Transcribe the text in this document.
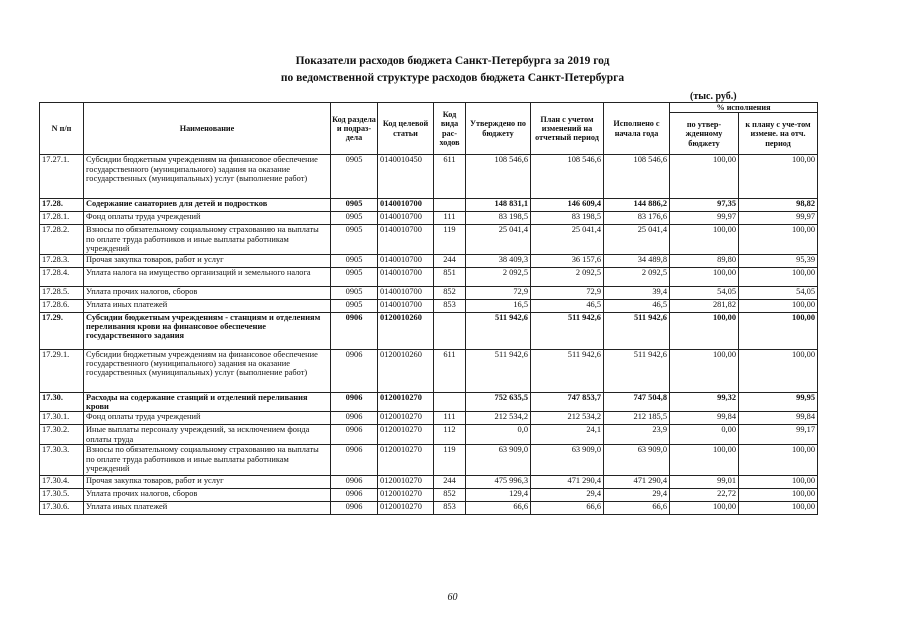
Показатели расходов бюджета Санкт-Петербурга за 2019 год
по ведомственной структуре расходов бюджета Санкт-Петербурга
(тыс. руб.)
N п/п	Наименование	Код раздела и подраз-дела	Код целевой статьи	Код вида рас-ходов	Утверждено по бюджету	План с учетом изменений на отчетный период	Исполнено с начала года	% исполнения	
								по утвер-жденному бюджету	к плану с уче-том измене. на отч. период
17.27.1.	Субсидии бюджетным учреждениям на финансовое обеспечение государственного (муниципального) задания на оказание государственных (муниципальных) услуг (выполнение работ)	0905	0140010450	611	108 546,6	108 546,6	108 546,6	100,00	100,00
17.28.	Содержание санаториев для детей и подростков	0905	0140010700		148 831,1	146 609,4	144 886,2	97,35	98,82
17.28.1.	Фонд оплаты труда учреждений	0905	0140010700	111	83 198,5	83 198,5	83 176,6	99,97	99,97
17.28.2.	Взносы по обязательному социальному страхованию на выплаты по оплате труда работников и иные выплаты работникам учреждений	0905	0140010700	119	25 041,4	25 041,4	25 041,4	100,00	100,00
17.28.3.	Прочая закупка товаров, работ и услуг	0905	0140010700	244	38 409,3	36 157,6	34 489,8	89,80	95,39
17.28.4.	Уплата налога на имущество организаций и земельного налога	0905	0140010700	851	2 092,5	2 092,5	2 092,5	100,00	100,00
17.28.5.	Уплата прочих налогов, сборов	0905	0140010700	852	72,9	72,9	39,4	54,05	54,05
17.28.6.	Уплата иных платежей	0905	0140010700	853	16,5	46,5	46,5	281,82	100,00
17.29.	Субсидии бюджетным учреждениям - станциям и отделениям переливания крови на финансовое обеспечение государственного задания	0906	0120010260		511 942,6	511 942,6	511 942,6	100,00	100,00
17.29.1.	Субсидии бюджетным учреждениям на финансовое обеспечение государственного (муниципального) задания на оказание государственных (муниципальных) услуг (выполнение работ)	0906	0120010260	611	511 942,6	511 942,6	511 942,6	100,00	100,00
17.30.	Расходы на содержание станций и отделений переливания крови	0906	0120010270		752 635,5	747 853,7	747 504,8	99,32	99,95
17.30.1.	Фонд оплаты труда учреждений	0906	0120010270	111	212 534,2	212 534,2	212 185,5	99,84	99,84
17.30.2.	Иные выплаты персоналу учреждений, за исключением фонда оплаты труда	0906	0120010270	112	0,0	24,1	23,9	0,00	99,17
17.30.3.	Взносы по обязательному социальному страхованию на выплаты по оплате труда работников и иные выплаты работникам учреждений	0906	0120010270	119	63 909,0	63 909,0	63 909,0	100,00	100,00
17.30.4.	Прочая закупка товаров, работ и услуг	0906	0120010270	244	475 996,3	471 290,4	471 290,4	99,01	100,00
17.30.5.	Уплата прочих налогов, сборов	0906	0120010270	852	129,4	29,4	29,4	22,72	100,00
17.30.6.	Уплата иных платежей	0906	0120010270	853	66,6	66,6	66,6	100,00	100,00
60
